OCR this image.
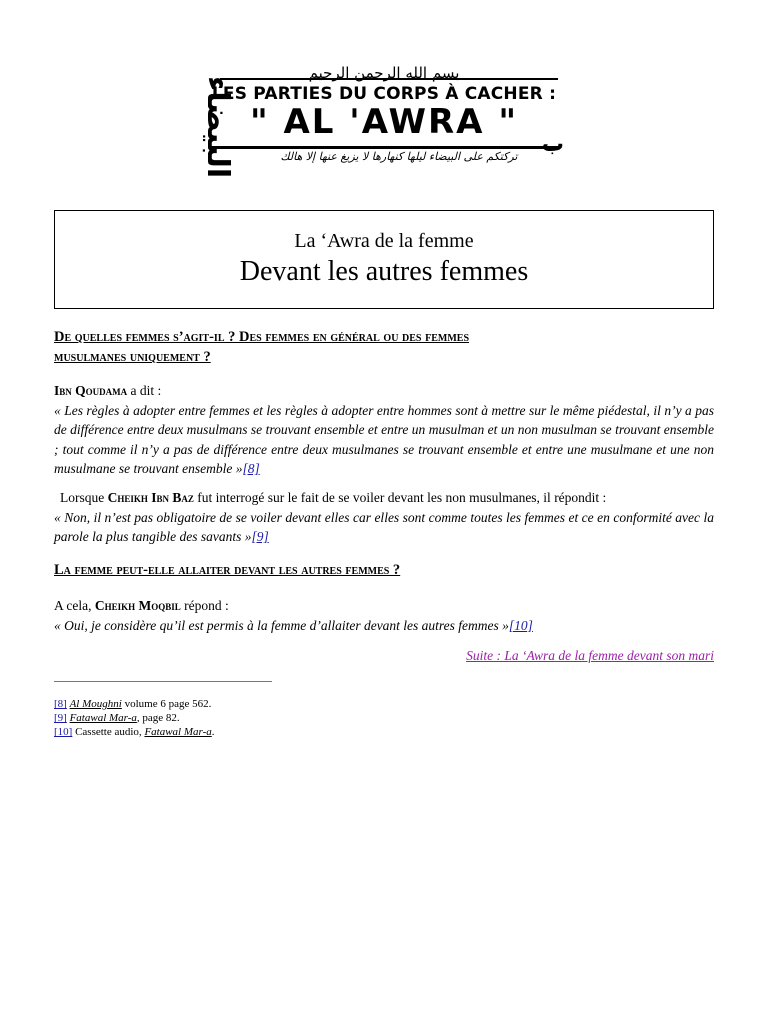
بسم الله الرحمن الرحيم
البيضاء
LES PARTIES DU CORPS À CACHER :
" AL 'AWRA "
ب
تركتكم على البيضاء ليلها كنهارها لا يزيغ عنها إلا هالك
La ‘Awra de la femme
Devant les autres femmes
De quelles femmes s’agit-il ? Des femmes en général ou des femmes
musulmanes uniquement ?
Ibn Qoudama a dit :
« Les règles à adopter entre femmes et les règles à adopter entre hommes sont à mettre sur le même piédestal, il n’y a pas de différence entre deux musulmans se trouvant ensemble et entre un musulman et un non musulman se trouvant ensemble ; tout comme il n’y a pas de différence entre deux musulmanes se trouvant ensemble et entre une musulmane et une non musulmane se trouvant ensemble »[8]
Lorsque Cheikh Ibn Baz fut interrogé sur le fait de se voiler devant les non musulmanes, il répondit :
« Non, il n’est pas obligatoire de se voiler devant elles car elles sont comme toutes les femmes et ce en conformité avec la parole la plus tangible des savants »[9]
La femme peut-elle allaiter devant les autres femmes ?
A cela, Cheikh Moqbil répond :
« Oui, je considère qu’il est permis à la femme d’allaiter devant les autres femmes »[10]
Suite : La ‘Awra de la femme devant son mari
[8] Al Moughni volume 6 page 562.
[9] Fatawal Mar-a, page 82.
[10] Cassette audio, Fatawal Mar-a.
